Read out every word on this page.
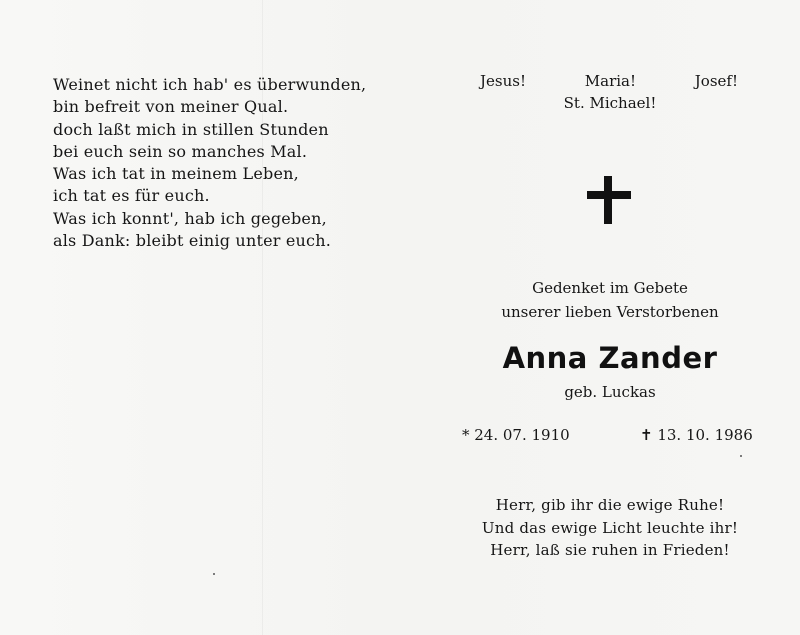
Weinet nicht ich hab' es überwunden,
bin befreit von meiner Qual.
doch laßt mich in stillen Stunden
bei euch sein so manches Mal.
Was ich tat in meinem Leben,
ich tat es für euch.
Was ich konnt', hab ich gegeben,
als Dank: bleibt einig unter euch.
Jesus!	Maria!	Josef!
St. Michael!
Gedenket im Gebete
unserer lieben Verstorbenen
Anna Zander
geb. Luckas
* 24. 07. 1910	✝ 13. 10. 1986
Herr, gib ihr die ewige Ruhe!
Und das ewige Licht leuchte ihr!
Herr, laß sie ruhen in Frieden!
